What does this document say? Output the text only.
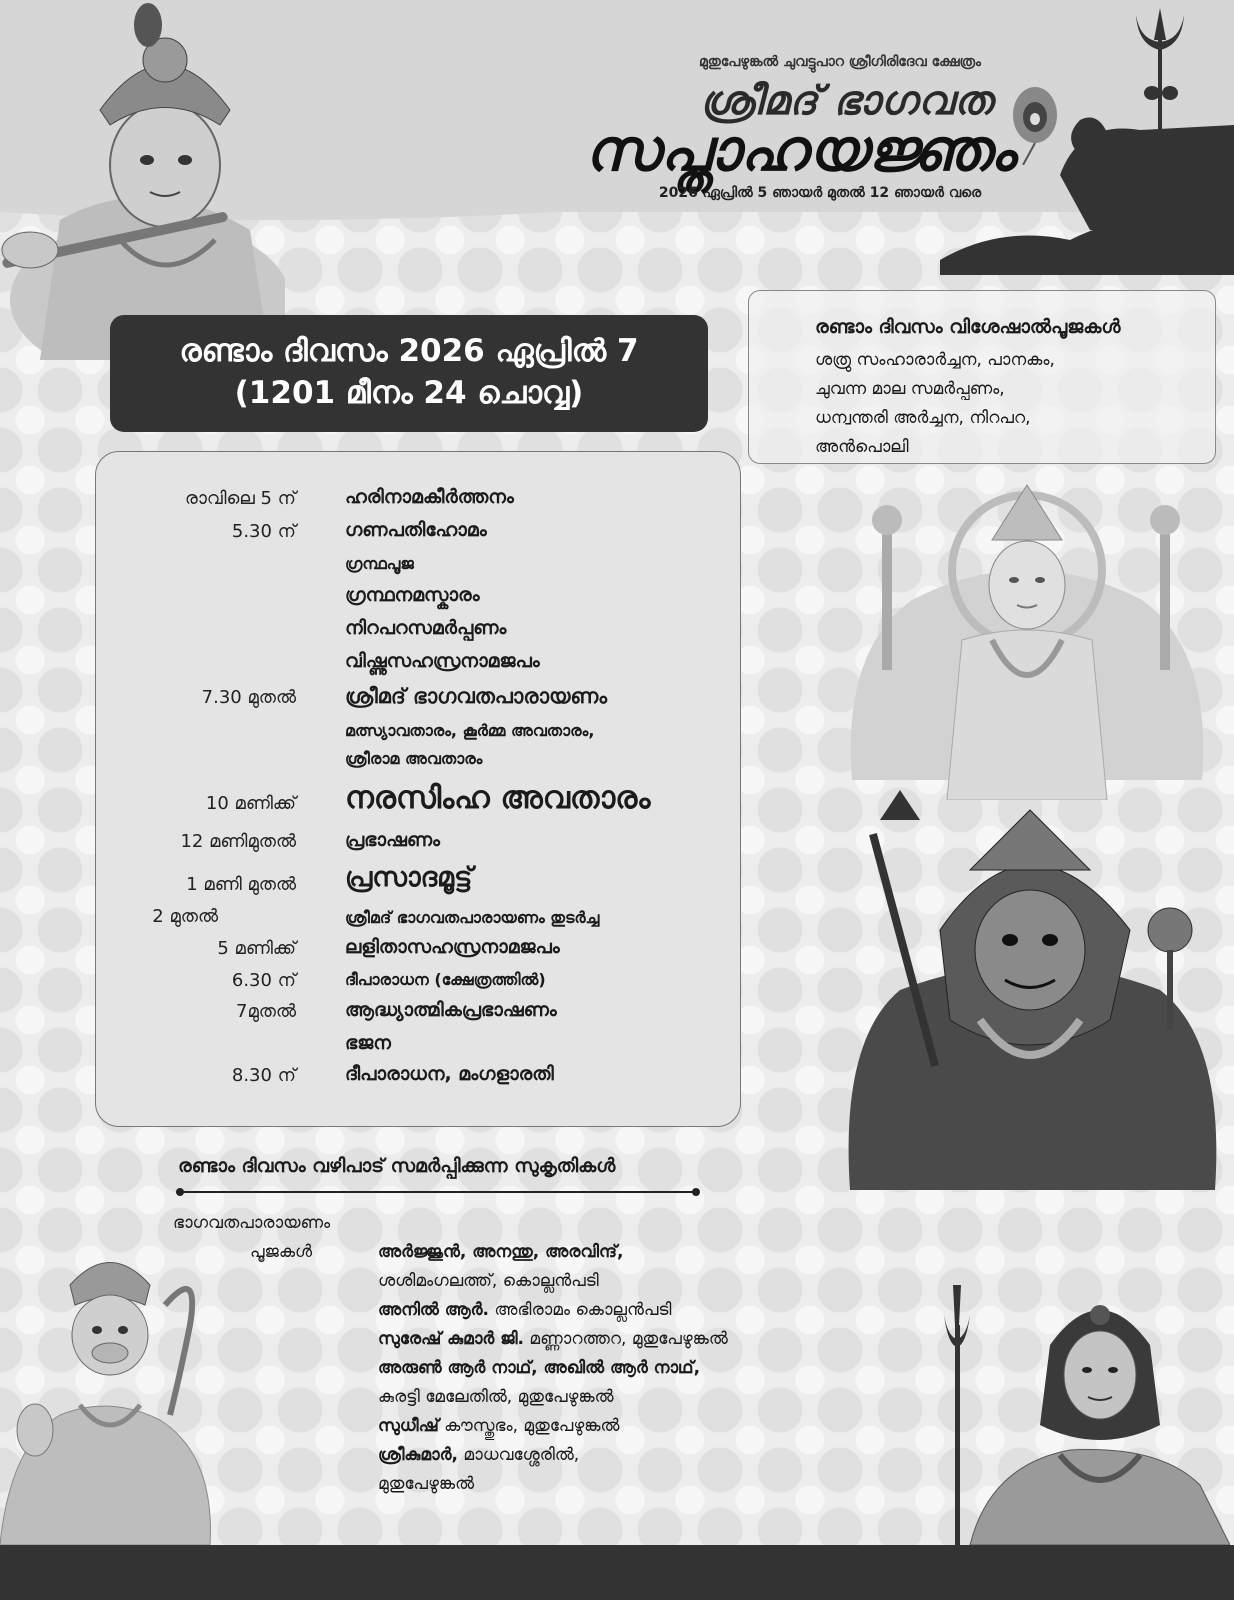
മുതുപേഴുങ്കൽ ചുവട്ടുപാറ ശ്രീഗിരിദേവ ക്ഷേത്രം
ശ്രീമദ് ഭാഗവത
സപ്താഹയജ്ഞം
2026 ഏപ്രിൽ 5 ഞായർ മുതൽ 12 ഞായർ വരെ
രണ്ടാം ദിവസം 2026 ഏപ്രിൽ 7
(1201 മീനം 24 ചൊവ്വ)
രണ്ടാം ദിവസം വിശേഷാൽപൂജകൾ
ശത്രു സംഹാരാർച്ചന, പാനകം,
ചുവന്ന മാല സമർപ്പണം,
ധന്വന്തരി അർച്ചന, നിറപറ,
അൻപൊലി
രാവിലെ 5 ന്	ഹരിനാമകീർത്തനം
5.30 ന്	ഗണപതിഹോമം
ഗ്രന്ഥപൂജ
ഗ്രന്ഥനമസ്കാരം
നിറപറസമർപ്പണം
വിഷ്ണുസഹസ്രനാമജപം
7.30 മുതൽ ശ്രീമദ് ഭാഗവതപാരായണം
മത്സ്യാവതാരം, കൂർമ്മ അവതാരം,
ശ്രീരാമ അവതാരം
10 മണിക്ക് നരസിംഹ അവതാരം
12 മണിമുതൽ	പ്രഭാഷണം
1 മണി മുതൽ പ്രസാദമൂട്ട്
2 മുതൽ	ശ്രീമദ് ഭാഗവതപാരായണം തുടർച്ച
5 മണിക്ക്	ലളിതാസഹസ്രനാമജപം
6.30 ന്	ദീപാരാധന (ക്ഷേത്രത്തിൽ)
7മുതൽ	ആദ്ധ്യാത്മികപ്രഭാഷണം
ഭജന
8.30 ന്	ദീപാരാധന, മംഗളാരതി
രണ്ടാം ദിവസം വഴിപാട് സമർപ്പിക്കുന്ന സുകൃതികൾ
ഭാഗവതപാരായണം
പൂജകൾ	അർജ്ജുൻ, അനന്തു, അരവിന്ദ്,
ശശിമംഗലത്ത്, കൊല്ലൻപടി
അനിൽ ആർ. അഭിരാമം കൊല്ലൻപടി
സുരേഷ് കുമാർ ജി. മണ്ണാറത്തറ, മുതുപേഴുങ്കൽ
അരുൺ ആർ നാഥ്, അഖിൽ ആർ നാഥ്,
കുരട്ടി മേലേതിൽ, മുതുപേഴുങ്കൽ
സുധീഷ് കൗസ്തുഭം, മുതുപേഴുങ്കൽ
ശ്രീകുമാർ, മാധവശ്ശേരിൽ,
മുതുപേഴുങ്കൽ
